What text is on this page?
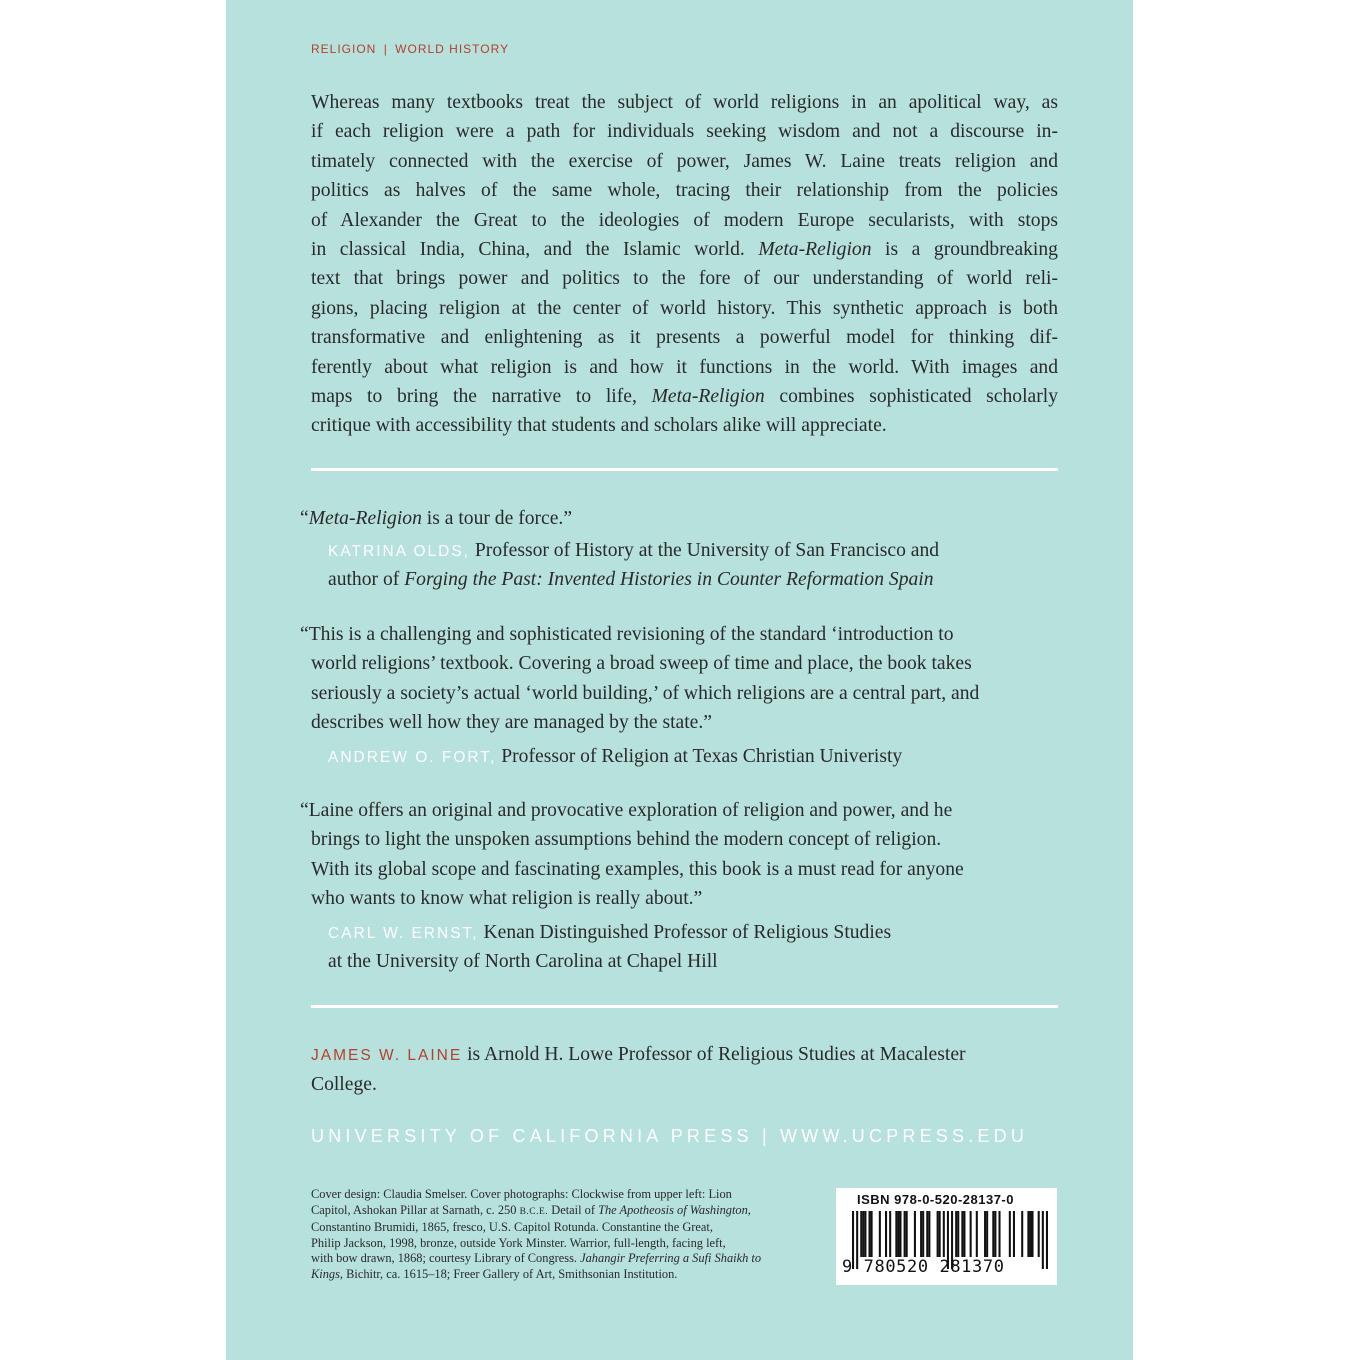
RELIGION | WORLD HISTORY
Whereas many textbooks treat the subject of world religions in an apolitical way, as
if each religion were a path for individuals seeking wisdom and not a discourse in-
timately connected with the exercise of power, James W. Laine treats religion and
politics as halves of the same whole, tracing their relationship from the policies
of Alexander the Great to the ideologies of modern Europe secularists, with stops
in classical India, China, and the Islamic world. Meta-Religion is a groundbreaking
text that brings power and politics to the fore of our understanding of world reli-
gions, placing religion at the center of world history. This synthetic approach is both
transformative and enlightening as it presents a powerful model for thinking dif-
ferently about what religion is and how it functions in the world. With images and
maps to bring the narrative to life, Meta-Religion combines sophisticated scholarly
critique with accessibility that students and scholars alike will appreciate.
“Meta-Religion is a tour de force.”
KATRINA OLDS, Professor of History at the University of San Francisco and
author of Forging the Past: Invented Histories in Counter Reformation Spain
“This is a challenging and sophisticated revisioning of the standard ‘introduction to
world religions’ textbook. Covering a broad sweep of time and place, the book takes
seriously a society’s actual ‘world building,’ of which religions are a central part, and
describes well how they are managed by the state.”
ANDREW O. FORT, Professor of Religion at Texas Christian Univeristy
“Laine offers an original and provocative exploration of religion and power, and he
brings to light the unspoken assumptions behind the modern concept of religion.
With its global scope and fascinating examples, this book is a must read for anyone
who wants to know what religion is really about.”
CARL W. ERNST, Kenan Distinguished Professor of Religious Studies
at the University of North Carolina at Chapel Hill
JAMES W. LAINE is Arnold H. Lowe Professor of Religious Studies at Macalester
College.
UNIVERSITY OF CALIFORNIA PRESS | WWW.UCPRESS.EDU
Cover design: Claudia Smelser. Cover photographs: Clockwise from upper left: Lion
Capitol, Ashokan Pillar at Sarnath, c. 250 B.C.E. Detail of The Apotheosis of Washington,
Constantino Brumidi, 1865, fresco, U.S. Capitol Rotunda. Constantine the Great,
Philip Jackson, 1998, bronze, outside York Minster. Warrior, full-length, facing left,
with bow drawn, 1868; courtesy Library of Congress. Jahangir Preferring a Sufi Shaikh to
Kings, Bichitr, ca. 1615–18; Freer Gallery of Art, Smithsonian Institution.
ISBN 978-0-520-28137-0
9 780520 281370
